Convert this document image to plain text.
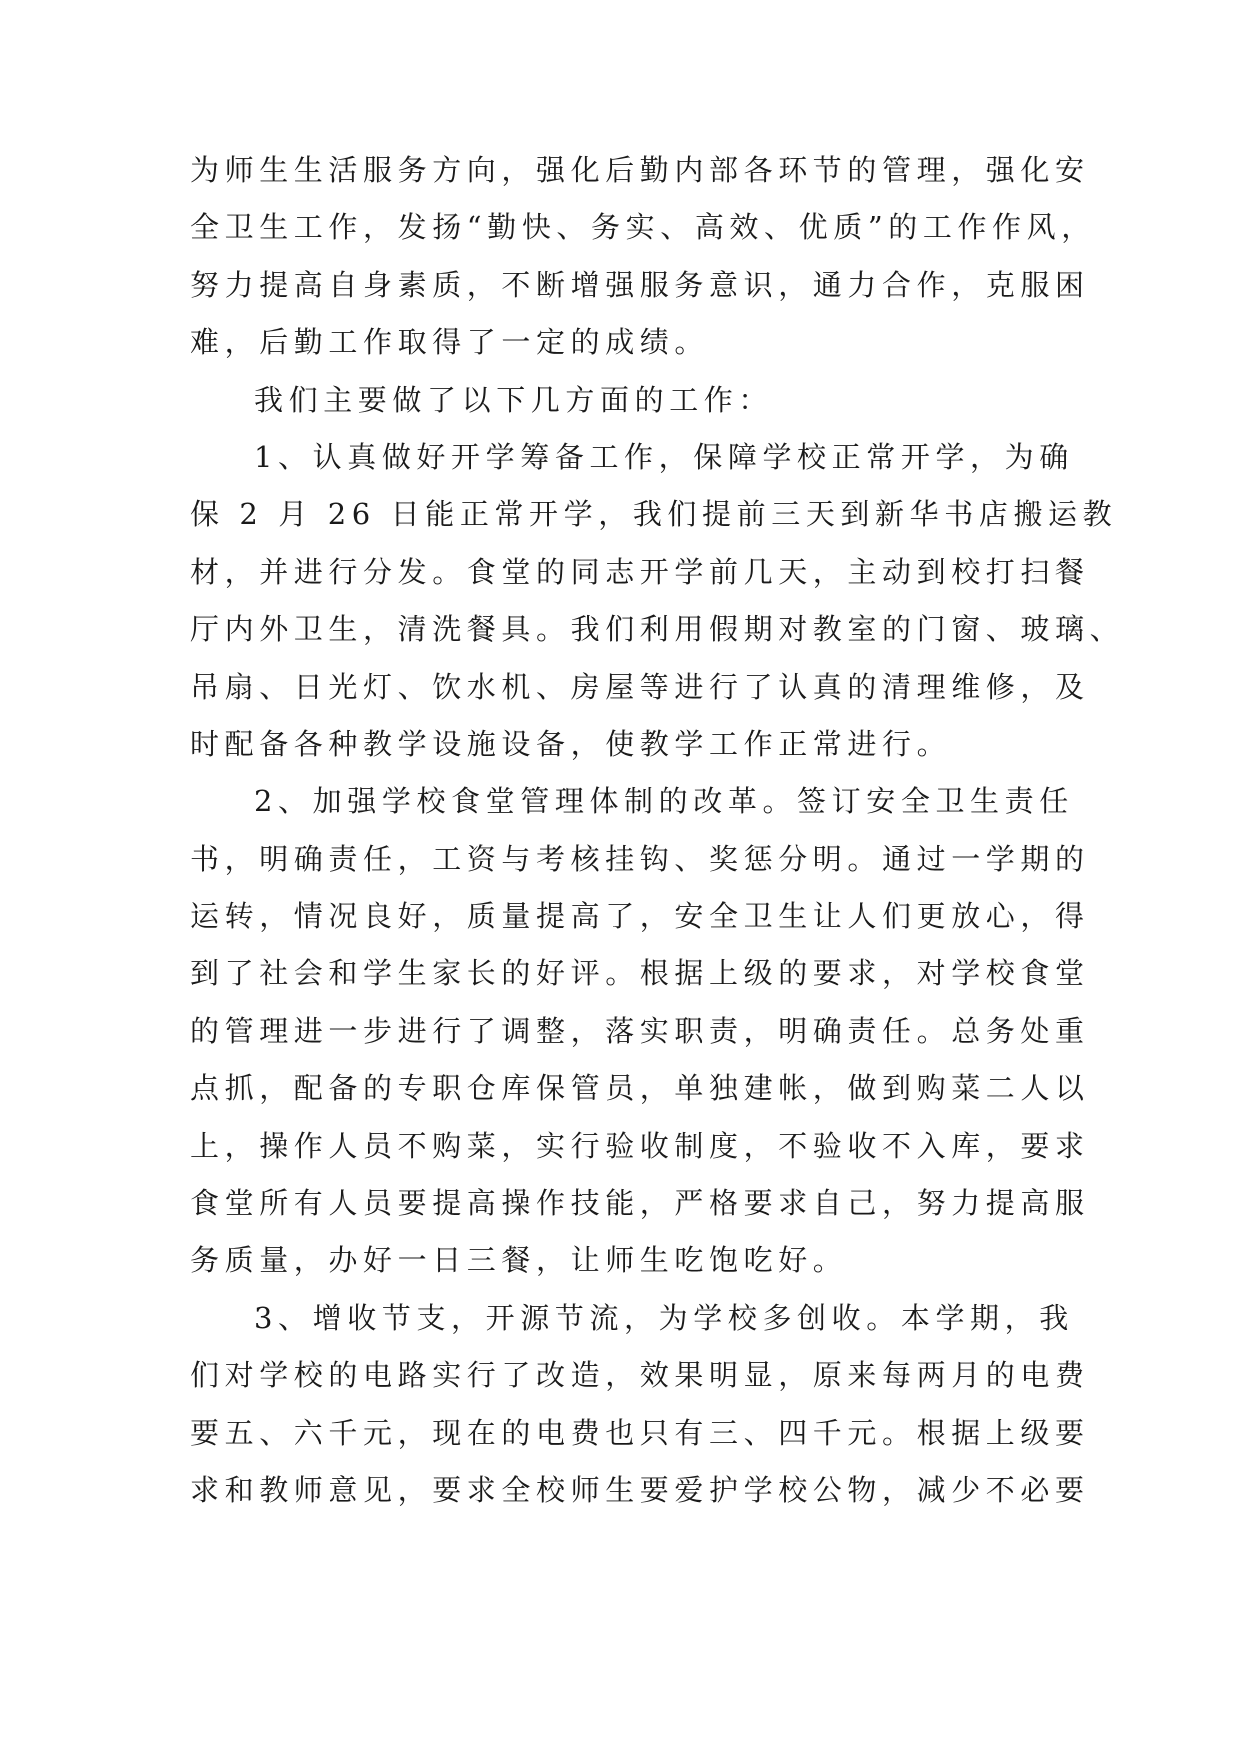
为师生生活服务方向，强化后勤内部各环节的管理，强化安
全卫生工作，发扬“勤快、务实、高效、优质”的工作作风，
努力提高自身素质，不断增强服务意识，通力合作，克服困
难，后勤工作取得了一定的成绩。
我们主要做了以下几方面的工作：
1、认真做好开学筹备工作，保障学校正常开学，为确
保 2 月 26 日能正常开学，我们提前三天到新华书店搬运教
材，并进行分发。食堂的同志开学前几天，主动到校打扫餐
厅内外卫生，清洗餐具。我们利用假期对教室的门窗、玻璃、
吊扇、日光灯、饮水机、房屋等进行了认真的清理维修，及
时配备各种教学设施设备，使教学工作正常进行。
2、加强学校食堂管理体制的改革。签订安全卫生责任
书，明确责任，工资与考核挂钩、奖惩分明。通过一学期的
运转，情况良好，质量提高了，安全卫生让人们更放心，得
到了社会和学生家长的好评。根据上级的要求，对学校食堂
的管理进一步进行了调整，落实职责，明确责任。总务处重
点抓，配备的专职仓库保管员，单独建帐，做到购菜二人以
上，操作人员不购菜，实行验收制度，不验收不入库，要求
食堂所有人员要提高操作技能，严格要求自己，努力提高服
务质量，办好一日三餐，让师生吃饱吃好。
3、增收节支，开源节流，为学校多创收。本学期，我
们对学校的电路实行了改造，效果明显，原来每两月的电费
要五、六千元，现在的电费也只有三、四千元。根据上级要
求和教师意见，要求全校师生要爱护学校公物，减少不必要
